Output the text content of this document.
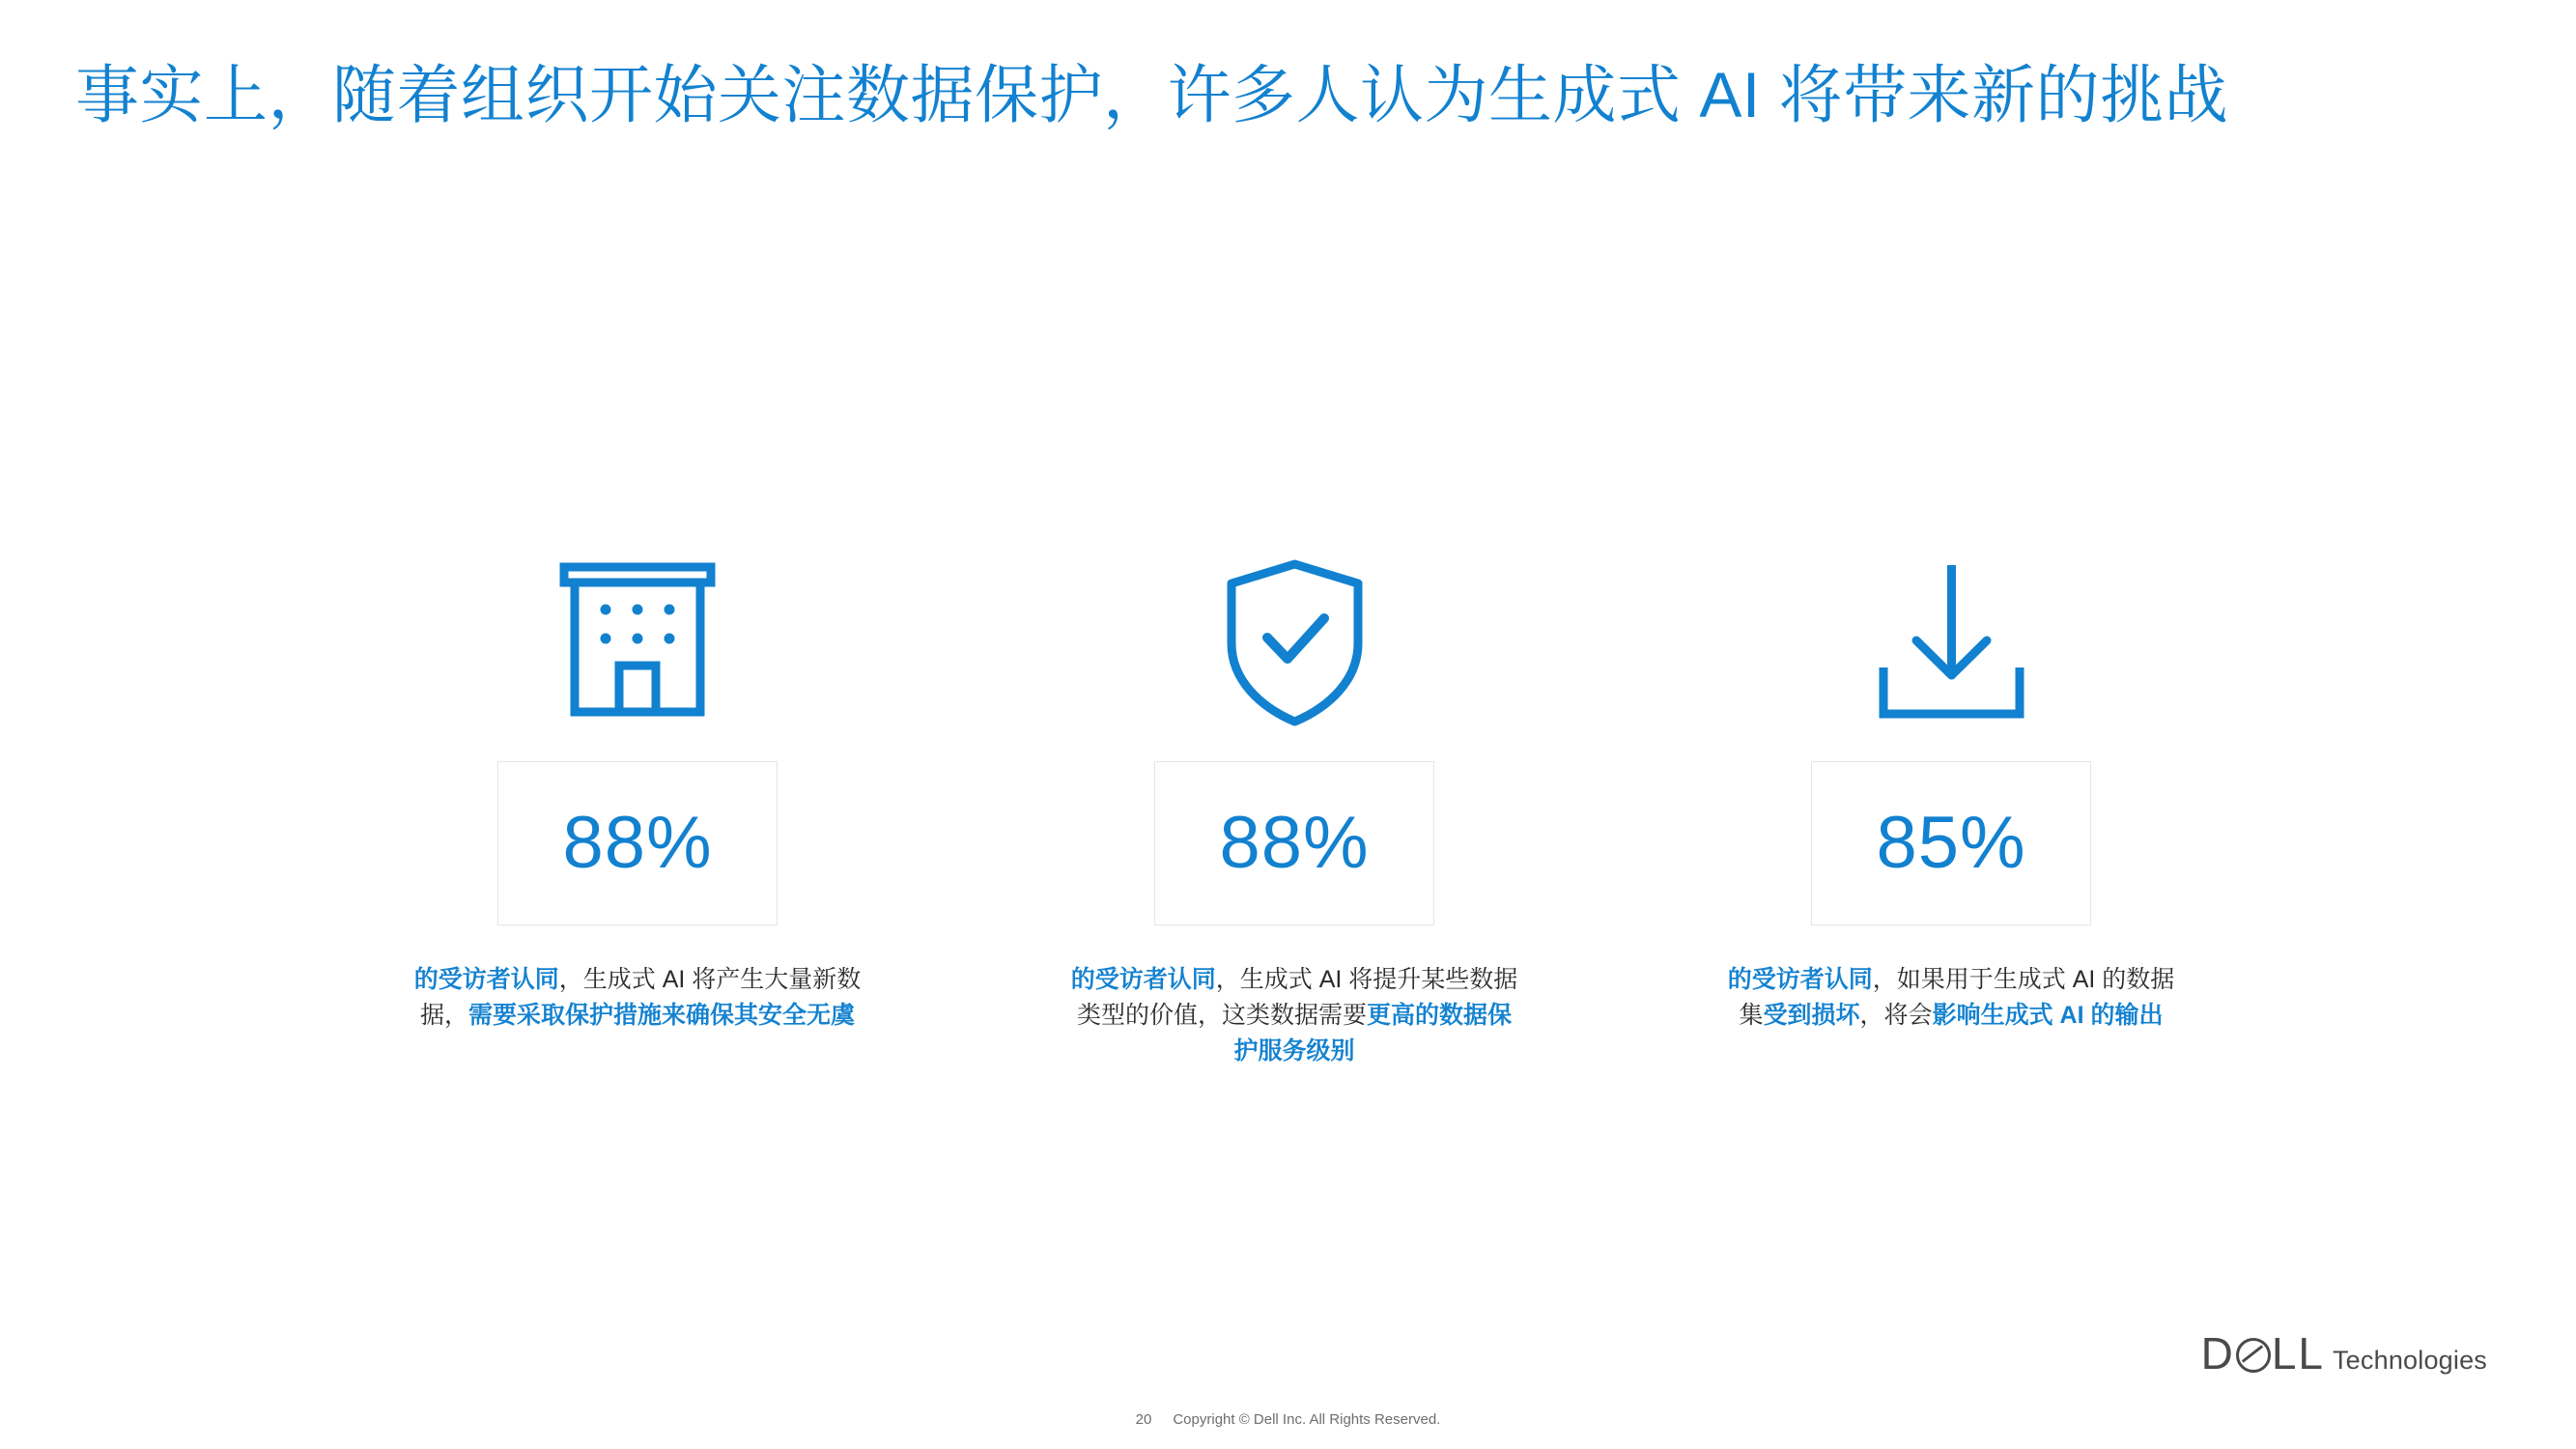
事实上，随着组织开始关注数据保护，许多人认为生成式 AI 将带来新的挑战
88%
的受访者认同，生成式 AI 将产生大量新数据，需要采取保护措施来确保其安全无虞
88%
的受访者认同，生成式 AI 将提升某些数据类型的价值，这类数据需要更高的数据保护服务级别
85%
的受访者认同，如果用于生成式 AI 的数据集受到损坏，将会影响生成式 AI 的输出
20 Copyright © Dell Inc. All Rights Reserved.
D LL Technologies
